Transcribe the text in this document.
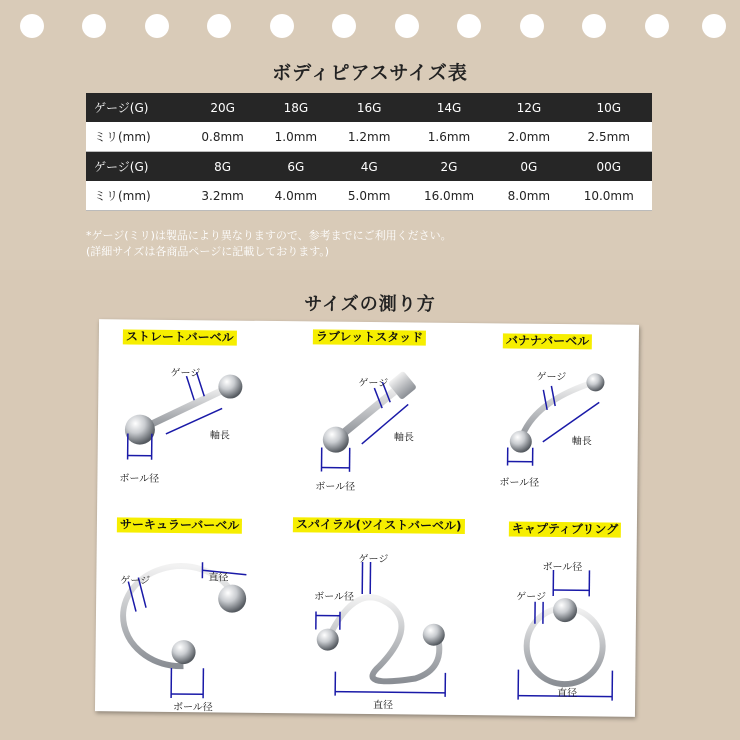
ボディピアスサイズ表
ゲージ(G)	20G	18G	16G	14G	12G	10G
ミリ(mm)	0.8mm	1.0mm	1.2mm	1.6mm	2.0mm	2.5mm
ゲージ(G)	8G	6G	4G	2G	0G	00G
ミリ(mm)	3.2mm	4.0mm	5.0mm	16.0mm	8.0mm	10.0mm
*ゲージ(ミリ)は製品により異なりますので、参考までにご利用ください。
(詳細サイズは各商品ページに記載しております。)
サイズの測り方
ストレートバーベル
ゲージ
軸長
ボール径
ラブレットスタッド
ゲージ
軸長
ボール径
バナナバーベル
ゲージ
軸長
ボール径
サーキュラーバーベル
ゲージ	直径
ボール径
スパイラル(ツイストバーベル)
ゲージ
ボール径
直径
キャプティブリング
ボール径
ゲージ
直径
